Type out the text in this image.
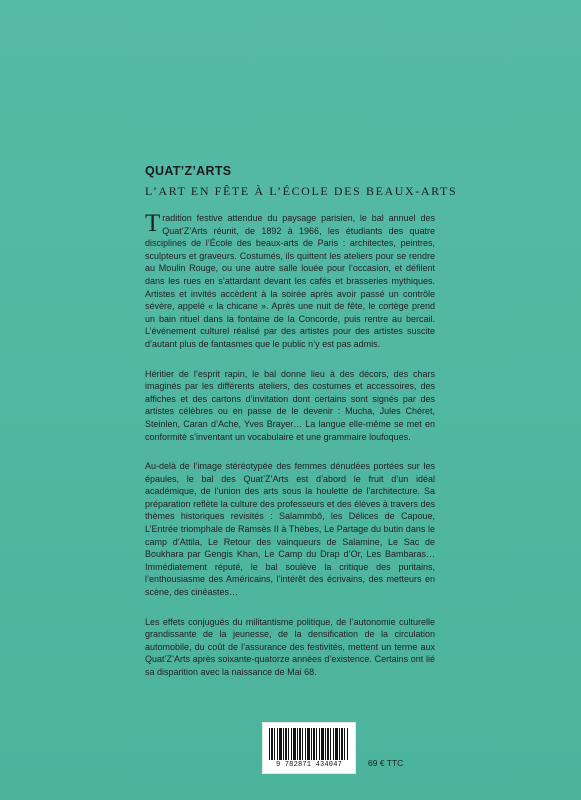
QUAT’Z’ARTS
L’ART EN FÊTE À L’ÉCOLE DES BEAUX-ARTS

Tradition festive attendue du paysage parisien, le bal annuel des Quat’Z’Arts réunit, de 1892 à 1966, les étudiants des quatre disciplines de l’École des beaux-arts de Paris : architectes, peintres, sculpteurs et graveurs. Costumés, ils quittent les ateliers pour se rendre au Moulin Rouge, ou une autre salle louée pour l’occasion, et défilent dans les rues en s’attardant devant les cafés et brasseries mythiques. Artistes et invités accèdent à la soirée après avoir passé un contrôle sévère, appelé « la chicane ». Après une nuit de fête, le cortège prend un bain rituel dans la fontaine de la Concorde, puis rentre au bercail. L’événement culturel réalisé par des artistes pour des artistes suscite d’autant plus de fantasmes que le public n’y est pas admis.

Héritier de l’esprit rapin, le bal donne lieu à des décors, des chars imaginés par les différents ateliers, des costumes et accessoires, des affiches et des cartons d’invitation dont certains sont signés par des artistes célèbres ou en passe de le devenir : Mucha, Jules Chéret, Steinlen, Caran d’Ache, Yves Brayer… La langue elle-même se met en conformité s’inventant un vocabulaire et une grammaire loufoques.

Au-delà de l’image stéréotypée des femmes dénudées portées sur les épaules, le bal des Quat’Z’Arts est d’abord le fruit d’un idéal académique, de l’union des arts sous la houlette de l’architecture. Sa préparation reflète la culture des professeurs et des élèves à travers des thèmes historiques revisités : Salammbô, les Délices de Capoue, L’Entrée triomphale de Ramsès II à Thèbes, Le Partage du butin dans le camp d’Attila, Le Retour des vainqueurs de Salamine, Le Sac de Boukhara par Gengis Khan, Le Camp du Drap d’Or, Les Bambaras… Immédiatement réputé, le bal soulève la critique des puritains, l’enthousiasme des Américains, l’intérêt des écrivains, des metteurs en scène, des cinéastes…

Les effets conjugués du militantisme politique, de l’autonomie culturelle grandissante de la jeunesse, de la densification de la circulation automobile, du coût de l’assurance des festivités, mettent un terme aux Quat’Z’Arts après soixante-quatorze années d’existence. Certains ont lié sa disparition avec la naissance de Mai 68.

9 782871 434047	69 € TTC
